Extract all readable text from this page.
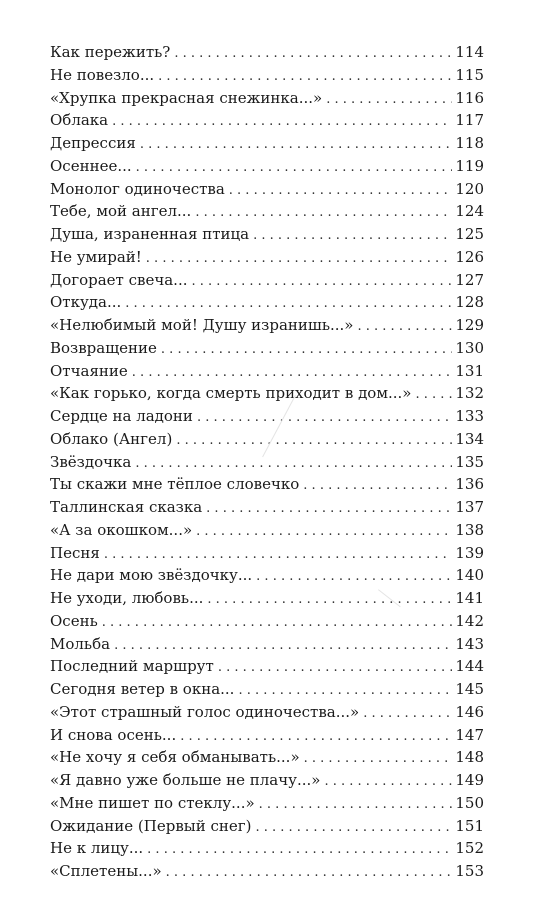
Как пережить? . . .	114
Не повезло... . . .	115
«Хрупка прекрасная снежинка...» . . .	116
Облака . . .	117
Депрессия . . .	118
Осеннее... . . .	119
Монолог одиночества . . .	120
Тебе, мой ангел... . . .	124
Душа, израненная птица . . .	125
Не умирай! . . .	126
Догорает свеча... . . .	127
Откуда... . . .	128
«Нелюбимый мой! Душу изранишь...» . . .	129
Возвращение . . .	130
Отчаяние . . .	131
«Как горько, когда смерть приходит в дом...» . . .	132
Сердце на ладони . . .	133
Облако (Ангел) . . .	134
Звёздочка . . .	135
Ты скажи мне тёплое словечко . . .	136
Таллинская сказка . . .	137
«А за окошком...» . . .	138
Песня . . .	139
Не дари мою звёздочку... . . .	140
Не уходи, любовь... . . .	141
Осень . . .	142
Мольба . . .	143
Последний маршрут . . .	144
Сегодня ветер в окна... . . .	145
«Этот страшный голос одиночества...» . . .	146
И снова осень... . . .	147
«Не хочу я себя обманывать...» . . .	148
«Я давно уже больше не плачу...» . . .	149
«Мне пишет по стеклу...» . . .	150
Ожидание (Первый снег) . . .	151
Не к лицу... . . .	152
«Сплетены...» . . .	153
